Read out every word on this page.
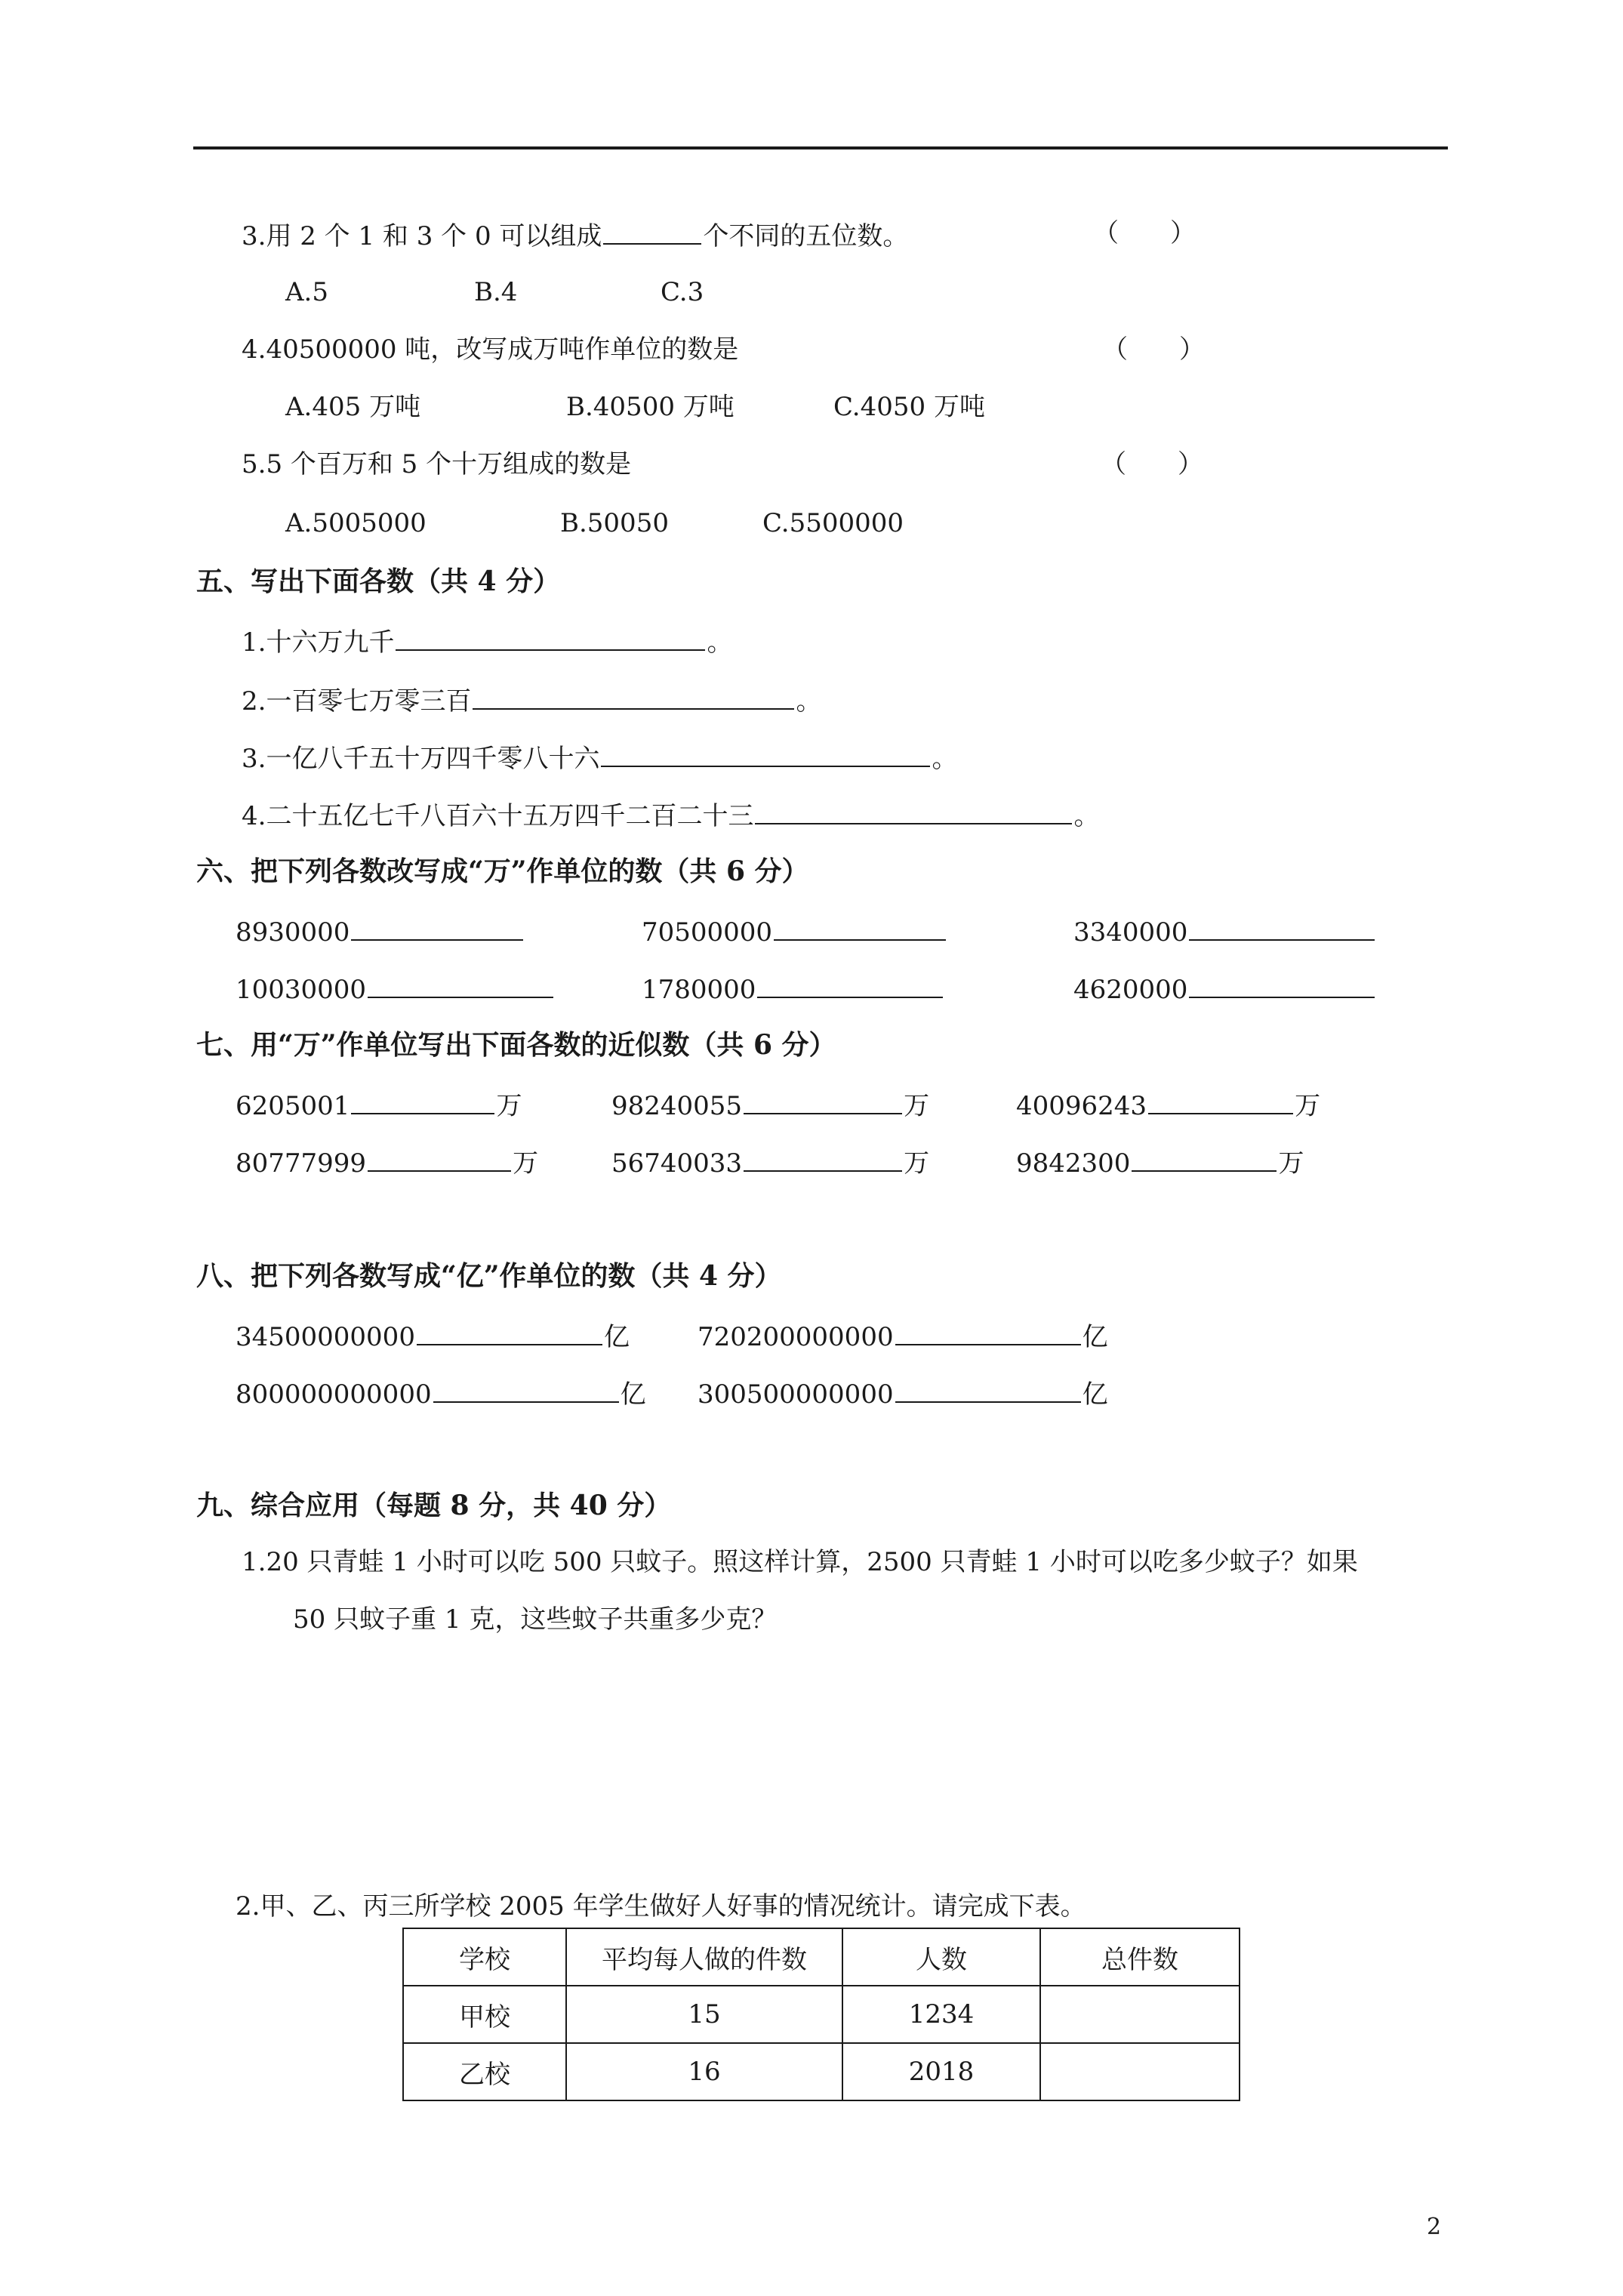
3.用 2 个 1 和 3 个 0 可以组成	个不同的五位数。	（　　）
A.5	B.4	C.3
4.40500000 吨，改写成万吨作单位的数是	（　　）
A.405 万吨	B.40500 万吨	C.4050 万吨
5.5 个百万和 5 个十万组成的数是	（　　）
A.5005000	B.50050	C.5500000
五、写出下面各数（共 4 分）
1.十六万九千	。
2.一百零七万零三百	。
3.一亿八千五十万四千零八十六	。
4.二十五亿七千八百六十五万四千二百二十三	。
六、把下列各数改写成“万”作单位的数（共 6 分）
8930000	70500000	3340000
10030000	1780000	4620000
七、用“万”作单位写出下面各数的近似数（共 6 分）
6205001	万	98240055	万	40096243	万
80777999	万	56740033	万	9842300	万
八、把下列各数写成“亿”作单位的数（共 4 分）
34500000000	亿	720200000000	亿
800000000000	亿 300500000000	亿
九、综合应用（每题 8 分，共 40 分）
1.20 只青蛙 1 小时可以吃 500 只蚊子。照这样计算，2500 只青蛙 1 小时可以吃多少蚊子？如果
50 只蚊子重 1 克，这些蚊子共重多少克？
2.甲、乙、丙三所学校 2005 年学生做好人好事的情况统计。请完成下表。
学校	平均每人做的件数	人数	总件数
甲校	15	1234	
乙校	16	2018	
2
